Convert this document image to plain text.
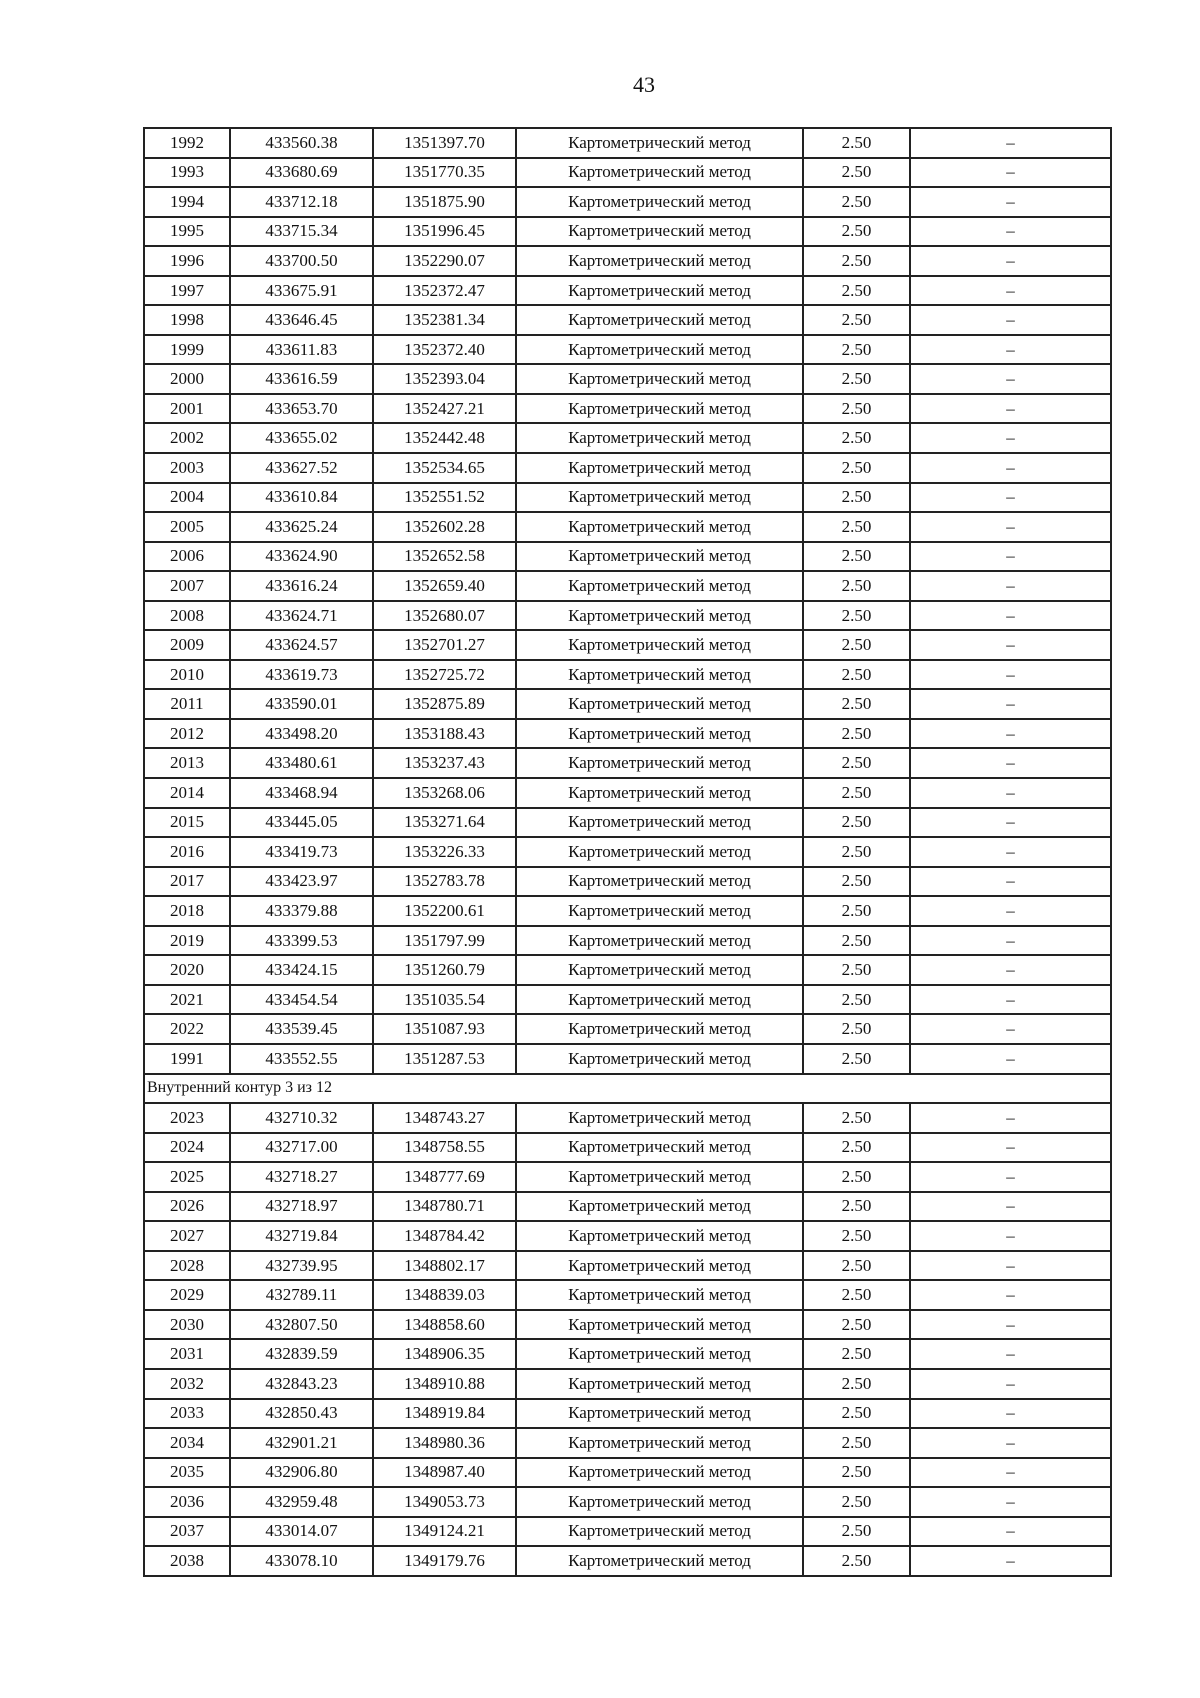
43
1992	433560.38	1351397.70	Картометрический метод	2.50	–
1993	433680.69	1351770.35	Картометрический метод	2.50	–
1994	433712.18	1351875.90	Картометрический метод	2.50	–
1995	433715.34	1351996.45	Картометрический метод	2.50	–
1996	433700.50	1352290.07	Картометрический метод	2.50	–
1997	433675.91	1352372.47	Картометрический метод	2.50	–
1998	433646.45	1352381.34	Картометрический метод	2.50	–
1999	433611.83	1352372.40	Картометрический метод	2.50	–
2000	433616.59	1352393.04	Картометрический метод	2.50	–
2001	433653.70	1352427.21	Картометрический метод	2.50	–
2002	433655.02	1352442.48	Картометрический метод	2.50	–
2003	433627.52	1352534.65	Картометрический метод	2.50	–
2004	433610.84	1352551.52	Картометрический метод	2.50	–
2005	433625.24	1352602.28	Картометрический метод	2.50	–
2006	433624.90	1352652.58	Картометрический метод	2.50	–
2007	433616.24	1352659.40	Картометрический метод	2.50	–
2008	433624.71	1352680.07	Картометрический метод	2.50	–
2009	433624.57	1352701.27	Картометрический метод	2.50	–
2010	433619.73	1352725.72	Картометрический метод	2.50	–
2011	433590.01	1352875.89	Картометрический метод	2.50	–
2012	433498.20	1353188.43	Картометрический метод	2.50	–
2013	433480.61	1353237.43	Картометрический метод	2.50	–
2014	433468.94	1353268.06	Картометрический метод	2.50	–
2015	433445.05	1353271.64	Картометрический метод	2.50	–
2016	433419.73	1353226.33	Картометрический метод	2.50	–
2017	433423.97	1352783.78	Картометрический метод	2.50	–
2018	433379.88	1352200.61	Картометрический метод	2.50	–
2019	433399.53	1351797.99	Картометрический метод	2.50	–
2020	433424.15	1351260.79	Картометрический метод	2.50	–
2021	433454.54	1351035.54	Картометрический метод	2.50	–
2022	433539.45	1351087.93	Картометрический метод	2.50	–
1991	433552.55	1351287.53	Картометрический метод	2.50	–
Внутренний контур 3 из 12					
2023	432710.32	1348743.27	Картометрический метод	2.50	–
2024	432717.00	1348758.55	Картометрический метод	2.50	–
2025	432718.27	1348777.69	Картометрический метод	2.50	–
2026	432718.97	1348780.71	Картометрический метод	2.50	–
2027	432719.84	1348784.42	Картометрический метод	2.50	–
2028	432739.95	1348802.17	Картометрический метод	2.50	–
2029	432789.11	1348839.03	Картометрический метод	2.50	–
2030	432807.50	1348858.60	Картометрический метод	2.50	–
2031	432839.59	1348906.35	Картометрический метод	2.50	–
2032	432843.23	1348910.88	Картометрический метод	2.50	–
2033	432850.43	1348919.84	Картометрический метод	2.50	–
2034	432901.21	1348980.36	Картометрический метод	2.50	–
2035	432906.80	1348987.40	Картометрический метод	2.50	–
2036	432959.48	1349053.73	Картометрический метод	2.50	–
2037	433014.07	1349124.21	Картометрический метод	2.50	–
2038	433078.10	1349179.76	Картометрический метод	2.50	–
